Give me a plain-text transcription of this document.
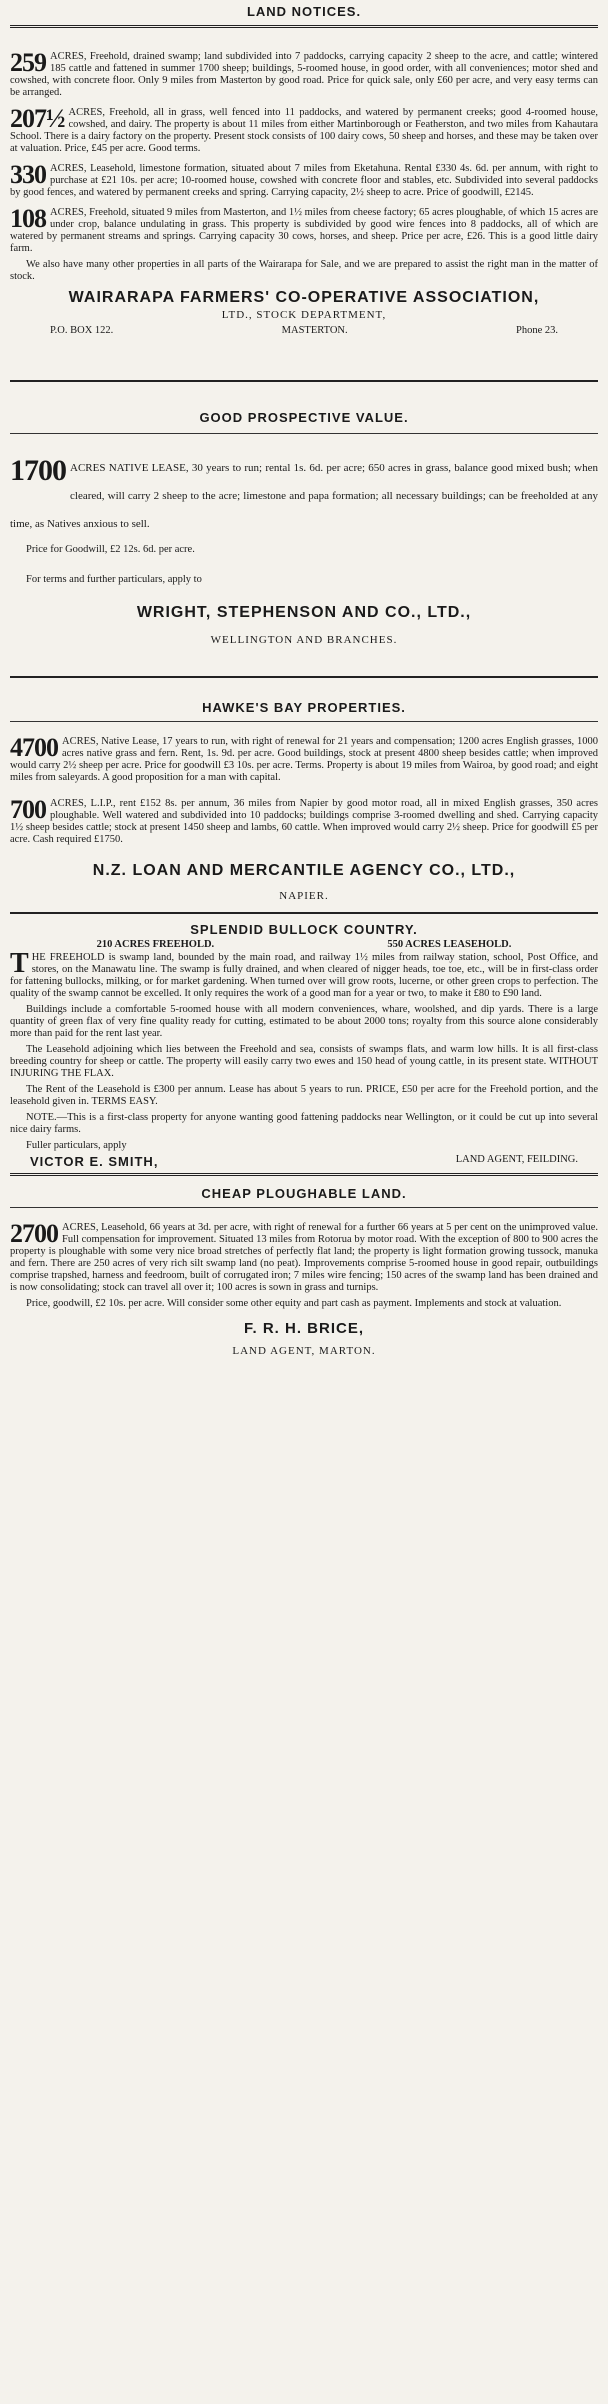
LAND NOTICES.
259 ACRES, Freehold, drained swamp; land subdivided into 7 paddocks, carrying capacity 2 sheep to the acre, and cattle; wintered 185 cattle and fattened in summer 1700 sheep; buildings, 5-roomed house, in good order, with all conveniences; motor shed and cowshed, with concrete floor. Only 9 miles from Masterton by good road. Price for quick sale, only £60 per acre, and very easy terms can be arranged.
207½ ACRES, Freehold, all in grass, well fenced into 11 paddocks, and watered by permanent creeks; good 4-roomed house, cowshed, and dairy. The property is about 11 miles from either Martinborough or Featherston, and two miles from Kahautara School. There is a dairy factory on the property. Present stock consists of 100 dairy cows, 50 sheep and horses, and these may be taken over at valuation. Price, £45 per acre. Good terms.
330 ACRES, Leasehold, limestone formation, situated about 7 miles from Eketahuna. Rental £330 4s. 6d. per annum, with right to purchase at £21 10s. per acre; 10-roomed house, cowshed with concrete floor and stables, etc. Subdivided into several paddocks by good fences, and watered by permanent creeks and spring. Carrying capacity, 2½ sheep to acre. Price of goodwill, £2145.
108 ACRES, Freehold, situated 9 miles from Masterton, and 1½ miles from cheese factory; 65 acres ploughable, of which 15 acres are under crop, balance undulating in grass. This property is subdivided by good wire fences into 8 paddocks, all of which are watered by permanent streams and springs. Carrying capacity 30 cows, horses, and sheep. Price per acre, £26. This is a good little dairy farm.
We also have many other properties in all parts of the Wairarapa for Sale, and we are prepared to assist the right man in the matter of stock.
WAIRARAPA FARMERS' CO-OPERATIVE ASSOCIATION,
LTD., STOCK DEPARTMENT,
P.O. BOX 122.	MASTERTON.	Phone 23.
GOOD PROSPECTIVE VALUE.
1700 ACRES NATIVE LEASE, 30 years to run; rental 1s. 6d. per acre; 650 acres in grass, balance good mixed bush; when cleared, will carry 2 sheep to the acre; limestone and papa formation; all necessary buildings; can be freeholded at any time, as Natives anxious to sell.
Price for Goodwill, £2 12s. 6d. per acre.
For terms and further particulars, apply to
WRIGHT, STEPHENSON AND CO., LTD.,
WELLINGTON AND BRANCHES.
HAWKE'S BAY PROPERTIES.
4700 ACRES, Native Lease, 17 years to run, with right of renewal for 21 years and compensation; 1200 acres English grasses, 1000 acres native grass and fern. Rent, 1s. 9d. per acre. Good buildings, stock at present 4800 sheep besides cattle; when improved would carry 2½ sheep per acre. Price for goodwill £3 10s. per acre. Terms. Property is about 19 miles from Wairoa, by good road; and eight miles from saleyards. A good proposition for a man with capital.
700 ACRES, L.I.P., rent £152 8s. per annum, 36 miles from Napier by good motor road, all in mixed English grasses, 350 acres ploughable. Well watered and subdivided into 10 paddocks; buildings comprise 3-roomed dwelling and shed. Carrying capacity 1½ sheep besides cattle; stock at present 1450 sheep and lambs, 60 cattle. When improved would carry 2½ sheep. Price for goodwill £5 per acre. Cash required £1750.
N.Z. LOAN AND MERCANTILE AGENCY CO., LTD.,
NAPIER.
SPLENDID BULLOCK COUNTRY.
210 ACRES FREEHOLD.	550 ACRES LEASEHOLD.
T HE FREEHOLD is swamp land, bounded by the main road, and railway 1½ miles from railway station, school, Post Office, and stores, on the Manawatu line. The swamp is fully drained, and when cleared of nigger heads, toe toe, etc., will be in first-class order for fattening bullocks, milking, or for market gardening. When turned over will grow roots, lucerne, or other green crops to perfection. The quality of the swamp cannot be excelled. It only requires the work of a good man for a year or two, to make it £80 to £90 land.
Buildings include a comfortable 5-roomed house with all modern conveniences, whare, woolshed, and dip yards. There is a large quantity of green flax of very fine quality ready for cutting, estimated to be about 2000 tons; royalty from this source alone considerably more than paid for the rent last year.
The Leasehold adjoining which lies between the Freehold and sea, consists of swamps flats, and warm low hills. It is all first-class breeding country for sheep or cattle. The property will easily carry two ewes and 150 head of young cattle, in its present state. WITHOUT INJURING THE FLAX.
The Rent of the Leasehold is £300 per annum. Lease has about 5 years to run. PRICE, £50 per acre for the Freehold portion, and the leasehold given in. TERMS EASY.
NOTE.—This is a first-class property for anyone wanting good fattening paddocks near Wellington, or it could be cut up into several nice dairy farms.
Fuller particulars, apply
VICTOR E. SMITH,	LAND AGENT, FEILDING.
CHEAP PLOUGHABLE LAND.
2700 ACRES, Leasehold, 66 years at 3d. per acre, with right of renewal for a further 66 years at 5 per cent on the unimproved value. Full compensation for improvement. Situated 13 miles from Rotorua by motor road. With the exception of 800 to 900 acres the property is ploughable with some very nice broad stretches of perfectly flat land; the property is light formation growing tussock, manuka and fern. There are 250 acres of very rich silt swamp land (no peat). Improvements comprise 5-roomed house in good repair, outbuildings comprise trapshed, harness and feedroom, built of corrugated iron; 7 miles wire fencing; 150 acres of the swamp land has been drained and is now consolidating; stock can travel all over it; 100 acres is sown in grass and turnips.
Price, goodwill, £2 10s. per acre. Will consider some other equity and part cash as payment. Implements and stock at valuation.
F. R. H. BRICE,
LAND AGENT, MARTON.
